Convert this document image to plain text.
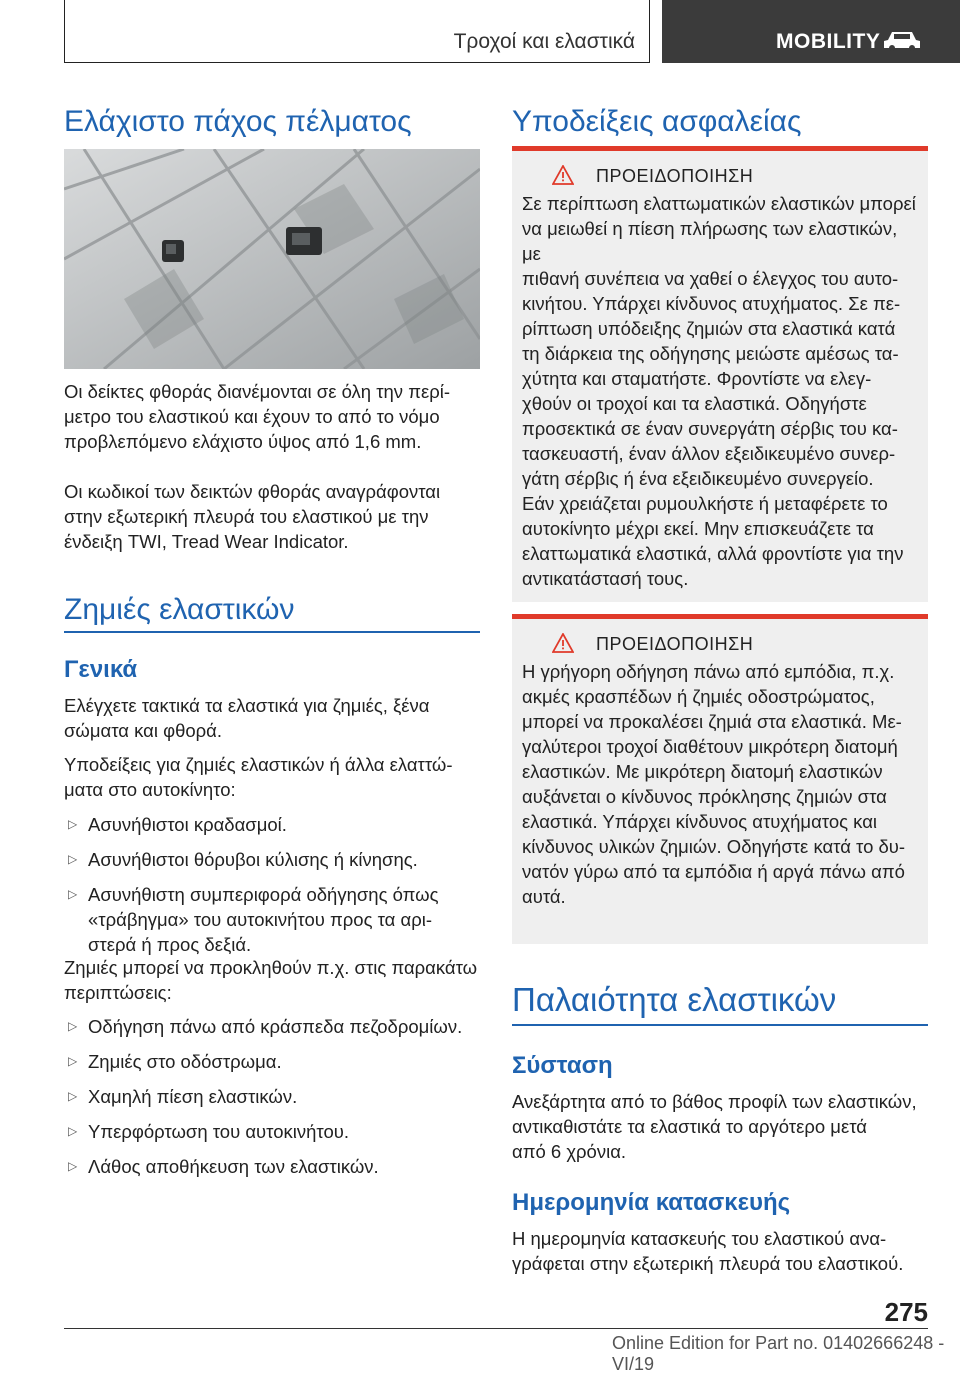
Τροχοί και ελαστικά	MOBILITY
Ελάχιστο πάχος πέλματος

Οι δείκτες φθοράς διανέμονται σε όλη την περί-

μετρο του ελαστικού και έχουν το από το νόμο

προβλεπόμενο ελάχιστο ύψος από 1,6 mm.

Οι κωδικοί των δεικτών φθοράς αναγράφονται

στην εξωτερική πλευρά του ελαστικού με την

ένδειξη TWI, Tread Wear Indicator.

Ζημιές ελαστικών
Γενικά

Ελέγχετε τακτικά τα ελαστικά για ζημιές, ξένα

σώματα και φθορά.

Υποδείξεις για ζημιές ελαστικών ή άλλα ελαττώ-

ματα στο αυτοκίνητο:

▷ Ασυνήθιστοι κραδασμοί.
▷ Ασυνήθιστοι θόρυβοι κύλισης ή κίνησης.
▷ Ασυνήθιστη συμπεριφορά οδήγησης όπως
«τράβηγμα» του αυτοκινήτου προς τα αρι-
στερά ή προς δεξιά.

Ζημιές μπορεί να προκληθούν π.χ. στις παρακάτω

περιπτώσεις:

▷ Οδήγηση πάνω από κράσπεδα πεζοδρομίων.
▷ Ζημιές στο οδόστρωμα.
▷ Χαμηλή πίεση ελαστικών.
▷ Υπερφόρτωση του αυτοκινήτου.
▷ Λάθος αποθήκευση των ελαστικών.
Υποδείξεις ασφαλείας
ΠΡΟΕΙΔΟΠΟΙΗΣΗ

Σε περίπτωση ελαττωματικών ελαστικών μπορεί

να μειωθεί η πίεση πλήρωσης των ελαστικών, με

πιθανή συνέπεια να χαθεί ο έλεγχος του αυτο-

κινήτου. Υπάρχει κίνδυνος ατυχήματος. Σε πε-

ρίπτωση υπόδειξης ζημιών στα ελαστικά κατά

τη διάρκεια της οδήγησης μειώστε αμέσως τα-

χύτητα και σταματήστε. Φροντίστε να ελεγ-

χθούν οι τροχοί και τα ελαστικά. Οδηγήστε

προσεκτικά σε έναν συνεργάτη σέρβις του κα-

τασκευαστή, έναν άλλον εξειδικευμένο συνερ-

γάτη σέρβις ή ένα εξειδικευμένο συνεργείο.

Εάν χρειάζεται ρυμουλκήστε ή μεταφέρετε το

αυτοκίνητο μέχρι εκεί. Μην επισκευάζετε τα

ελαττωματικά ελαστικά, αλλά φροντίστε για την

αντικατάστασή τους.

ΠΡΟΕΙΔΟΠΟΙΗΣΗ

Η γρήγορη οδήγηση πάνω από εμπόδια, π.χ.

ακμές κρασπέδων ή ζημιές οδοστρώματος,

μπορεί να προκαλέσει ζημιά στα ελαστικά. Με-

γαλύτεροι τροχοί διαθέτουν μικρότερη διατομή

ελαστικών. Με μικρότερη διατομή ελαστικών

αυξάνεται ο κίνδυνος πρόκλησης ζημιών στα

ελαστικά. Υπάρχει κίνδυνος ατυχήματος και

κίνδυνος υλικών ζημιών. Οδηγήστε κατά το δυ-

νατόν γύρω από τα εμπόδια ή αργά πάνω από

αυτά.

Παλαιότητα ελαστικών
Σύσταση

Ανεξάρτητα από το βάθος προφίλ των ελαστικών,

αντικαθιστάτε τα ελαστικά το αργότερο μετά

από 6 χρόνια.

Ημερομηνία κατασκευής

Η ημερομηνία κατασκευής του ελαστικού ανα-

γράφεται στην εξωτερική πλευρά του ελαστικού.

275
Online Edition for Part no. 01402666248 - VI/19
